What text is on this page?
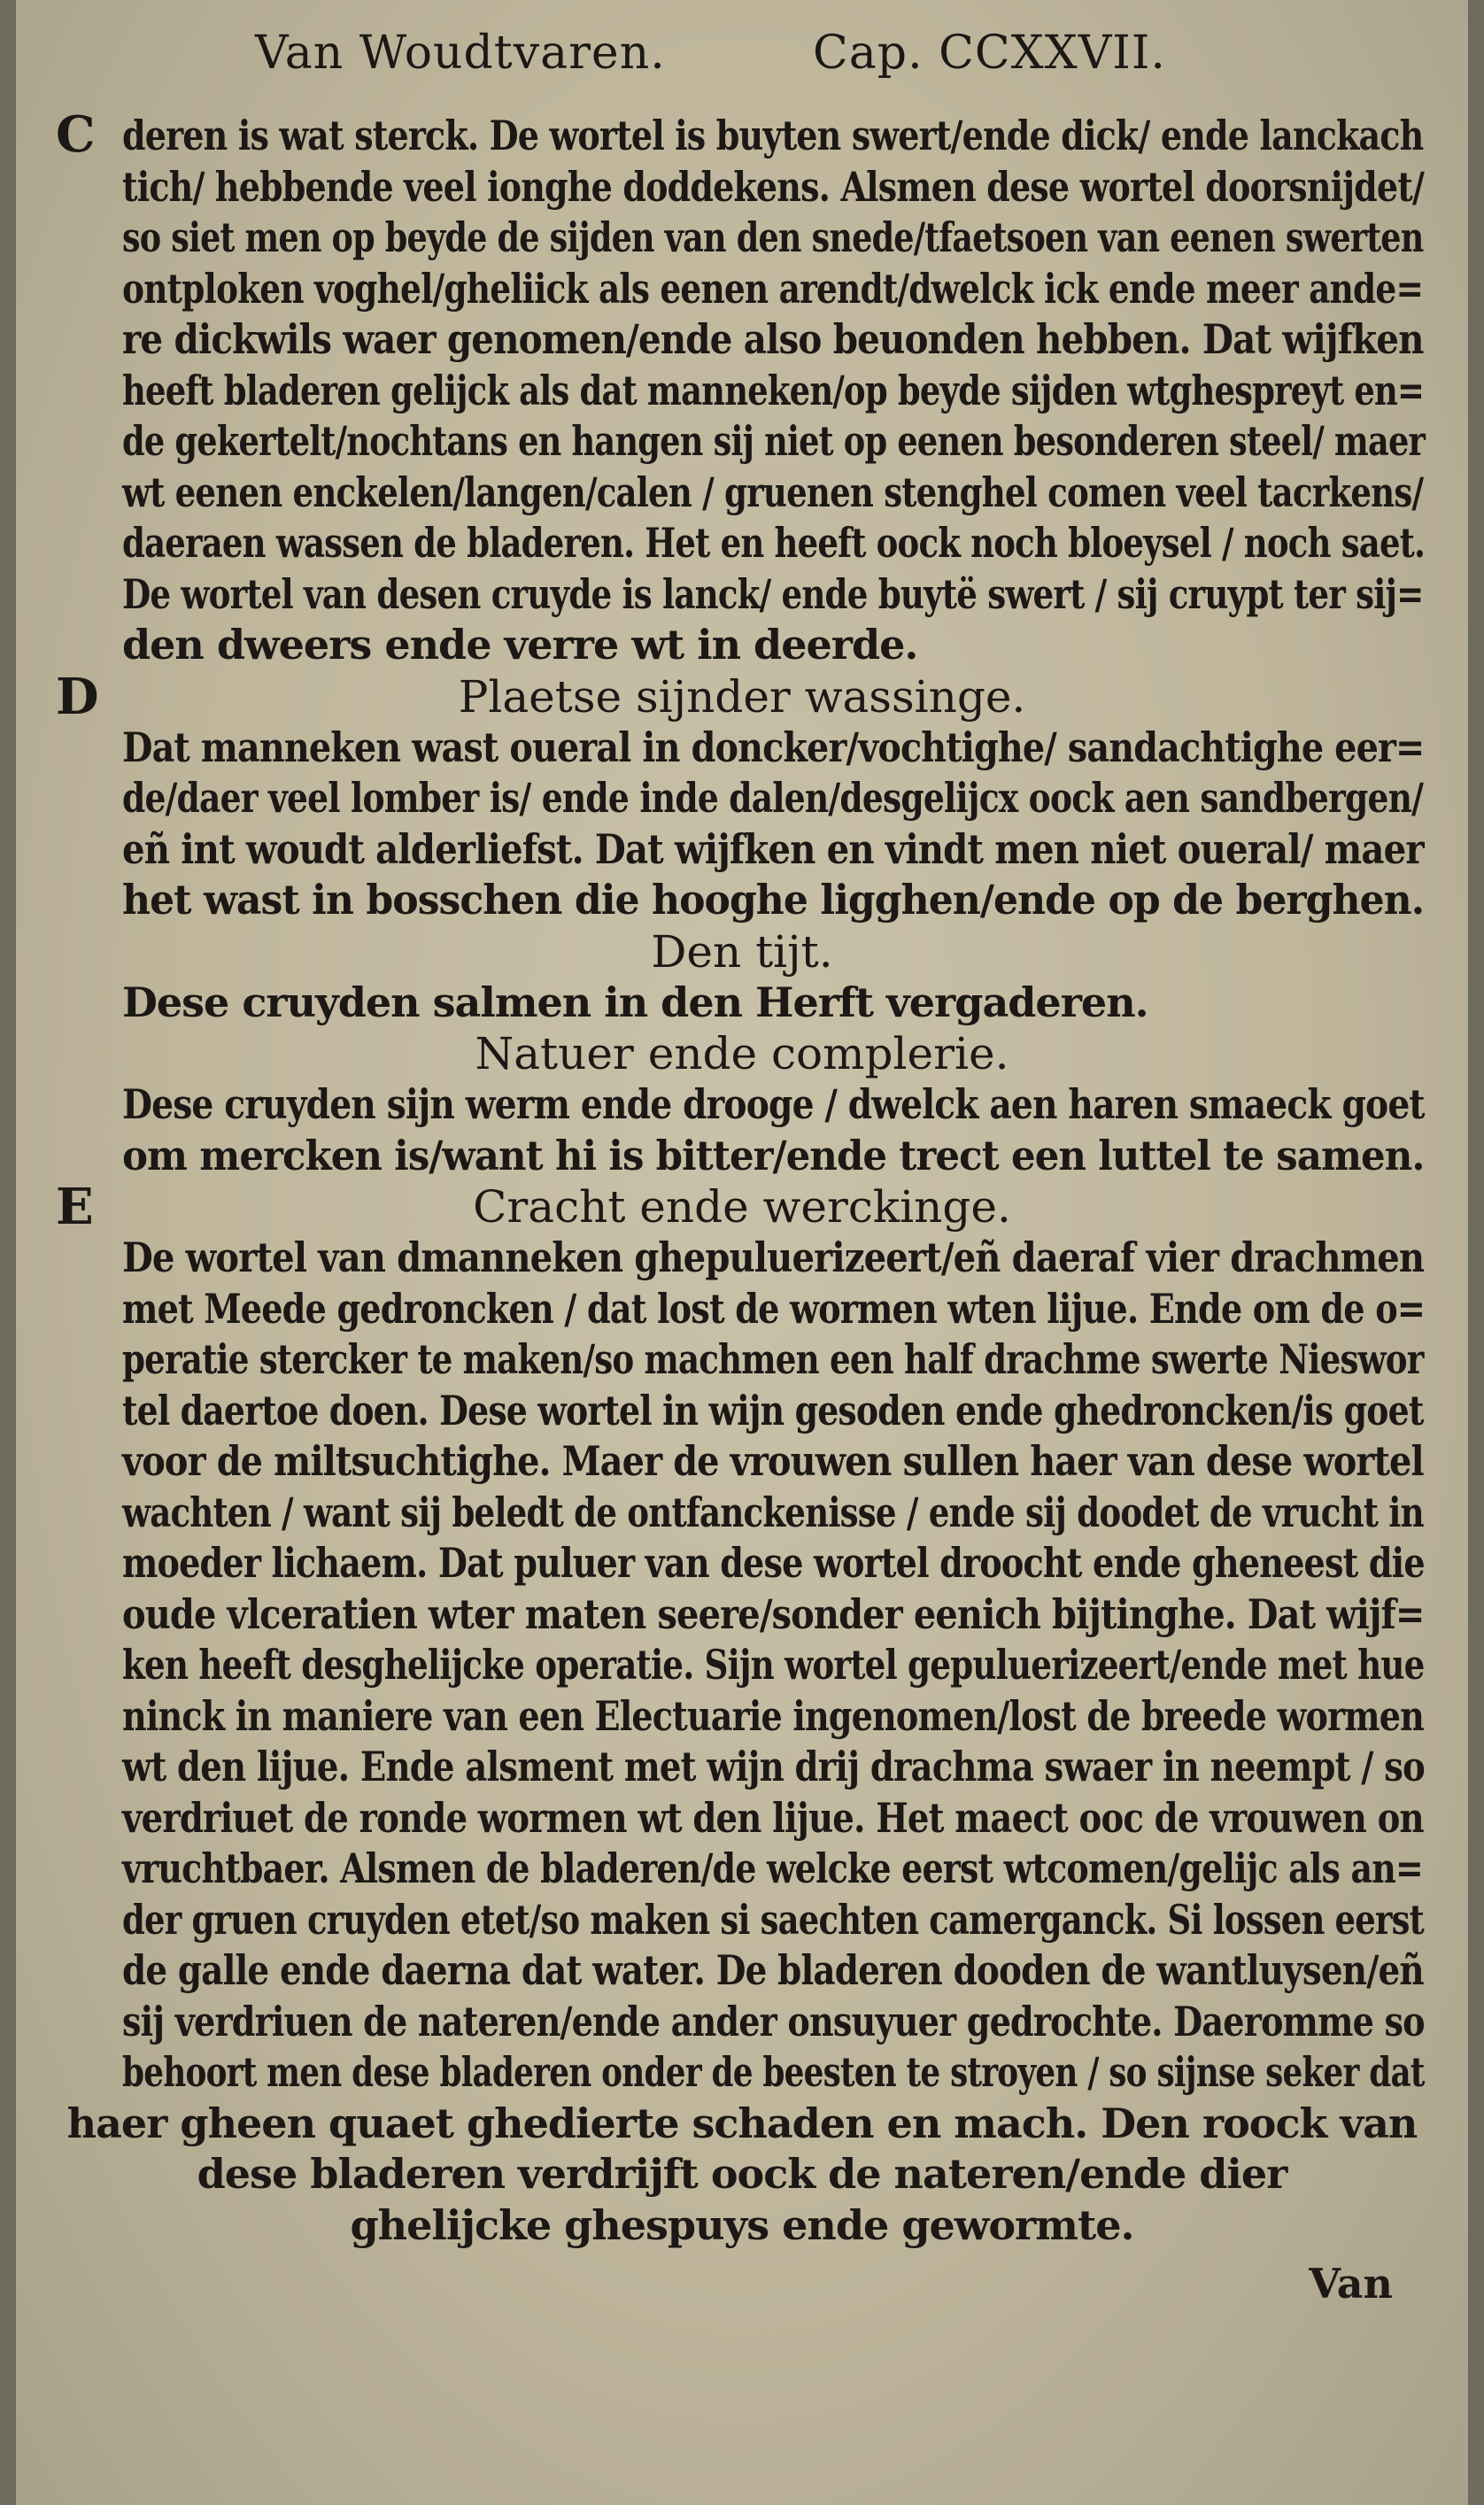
Van Woudtvaren.	Cap. CCXXVII.
C deren is wat sterck. De wortel is buyten swert/ende dick/ ende lanckach
tich/ hebbende veel ionghe doddekens. Alsmen dese wortel doorsnijdet/
so siet men op beyde de sijden van den snede/tfaetsoen van eenen swerten
ontploken voghel/gheliick als eenen arendt/dwelck ick ende meer ande=
re dickwils waer genomen/ende also beuonden hebben. Dat wijfken
heeft bladeren gelijck als dat manneken/op beyde sijden wtghespreyt en=
de gekertelt/nochtans en hangen sij niet op eenen besonderen steel/ maer
wt eenen enckelen/langen/calen / gruenen stenghel comen veel tacrkens/
daeraen wassen de bladeren. Het en heeft oock noch bloeysel / noch saet.
De wortel van desen cruyde is lanck/ ende buytë swert / sij cruypt ter sij=
den dweers ende verre wt in deerde.
Plaetse sijnder wassinge.
D
Dat manneken wast oueral in doncker/vochtighe/ sandachtighe eer=
de/daer veel lomber is/ ende inde dalen/desgelijcx oock aen sandbergen/
eñ int woudt alderliefst. Dat wijfken en vindt men niet oueral/ maer
het wast in bosschen die hooghe ligghen/ende op de berghen.
Den tijt.
Dese cruyden salmen in den Herft vergaderen.
Natuer ende complerie.
Dese cruyden sijn werm ende drooge / dwelck aen haren smaeck goet
om mercken is/want hi is bitter/ende trect een luttel te samen.
Cracht ende werckinge.
E
De wortel van dmanneken ghepuluerizeert/eñ daeraf vier drachmen
met Meede gedroncken / dat lost de wormen wten lijue. Ende om de o=
peratie stercker te maken/so machmen een half drachme swerte Nieswor
tel daertoe doen. Dese wortel in wijn gesoden ende ghedroncken/is goet
voor de miltsuchtighe. Maer de vrouwen sullen haer van dese wortel
wachten / want sij beledt de ontfanckenisse / ende sij doodet de vrucht in
moeder lichaem. Dat puluer van dese wortel droocht ende gheneest die
oude vlceratien wter maten seere/sonder eenich bijtinghe. Dat wijf=
ken heeft desghelijcke operatie. Sijn wortel gepuluerizeert/ende met hue
ninck in maniere van een Electuarie ingenomen/lost de breede wormen
wt den lijue. Ende alsment met wijn drij drachma swaer in neempt / so
verdriuet de ronde wormen wt den lijue. Het maect ooc de vrouwen on
vruchtbaer. Alsmen de bladeren/de welcke eerst wtcomen/gelijc als an=
der gruen cruyden etet/so maken si saechten camerganck. Si lossen eerst
de galle ende daerna dat water. De bladeren dooden de wantluysen/eñ
sij verdriuen de nateren/ende ander onsuyuer gedrochte. Daeromme so
behoort men dese bladeren onder de beesten te stroyen / so sijnse seker dat
haer gheen quaet ghedierte schaden en mach. Den roock van
dese bladeren verdrijft oock de nateren/ende dier
ghelijcke ghespuys ende gewormte.
Van
